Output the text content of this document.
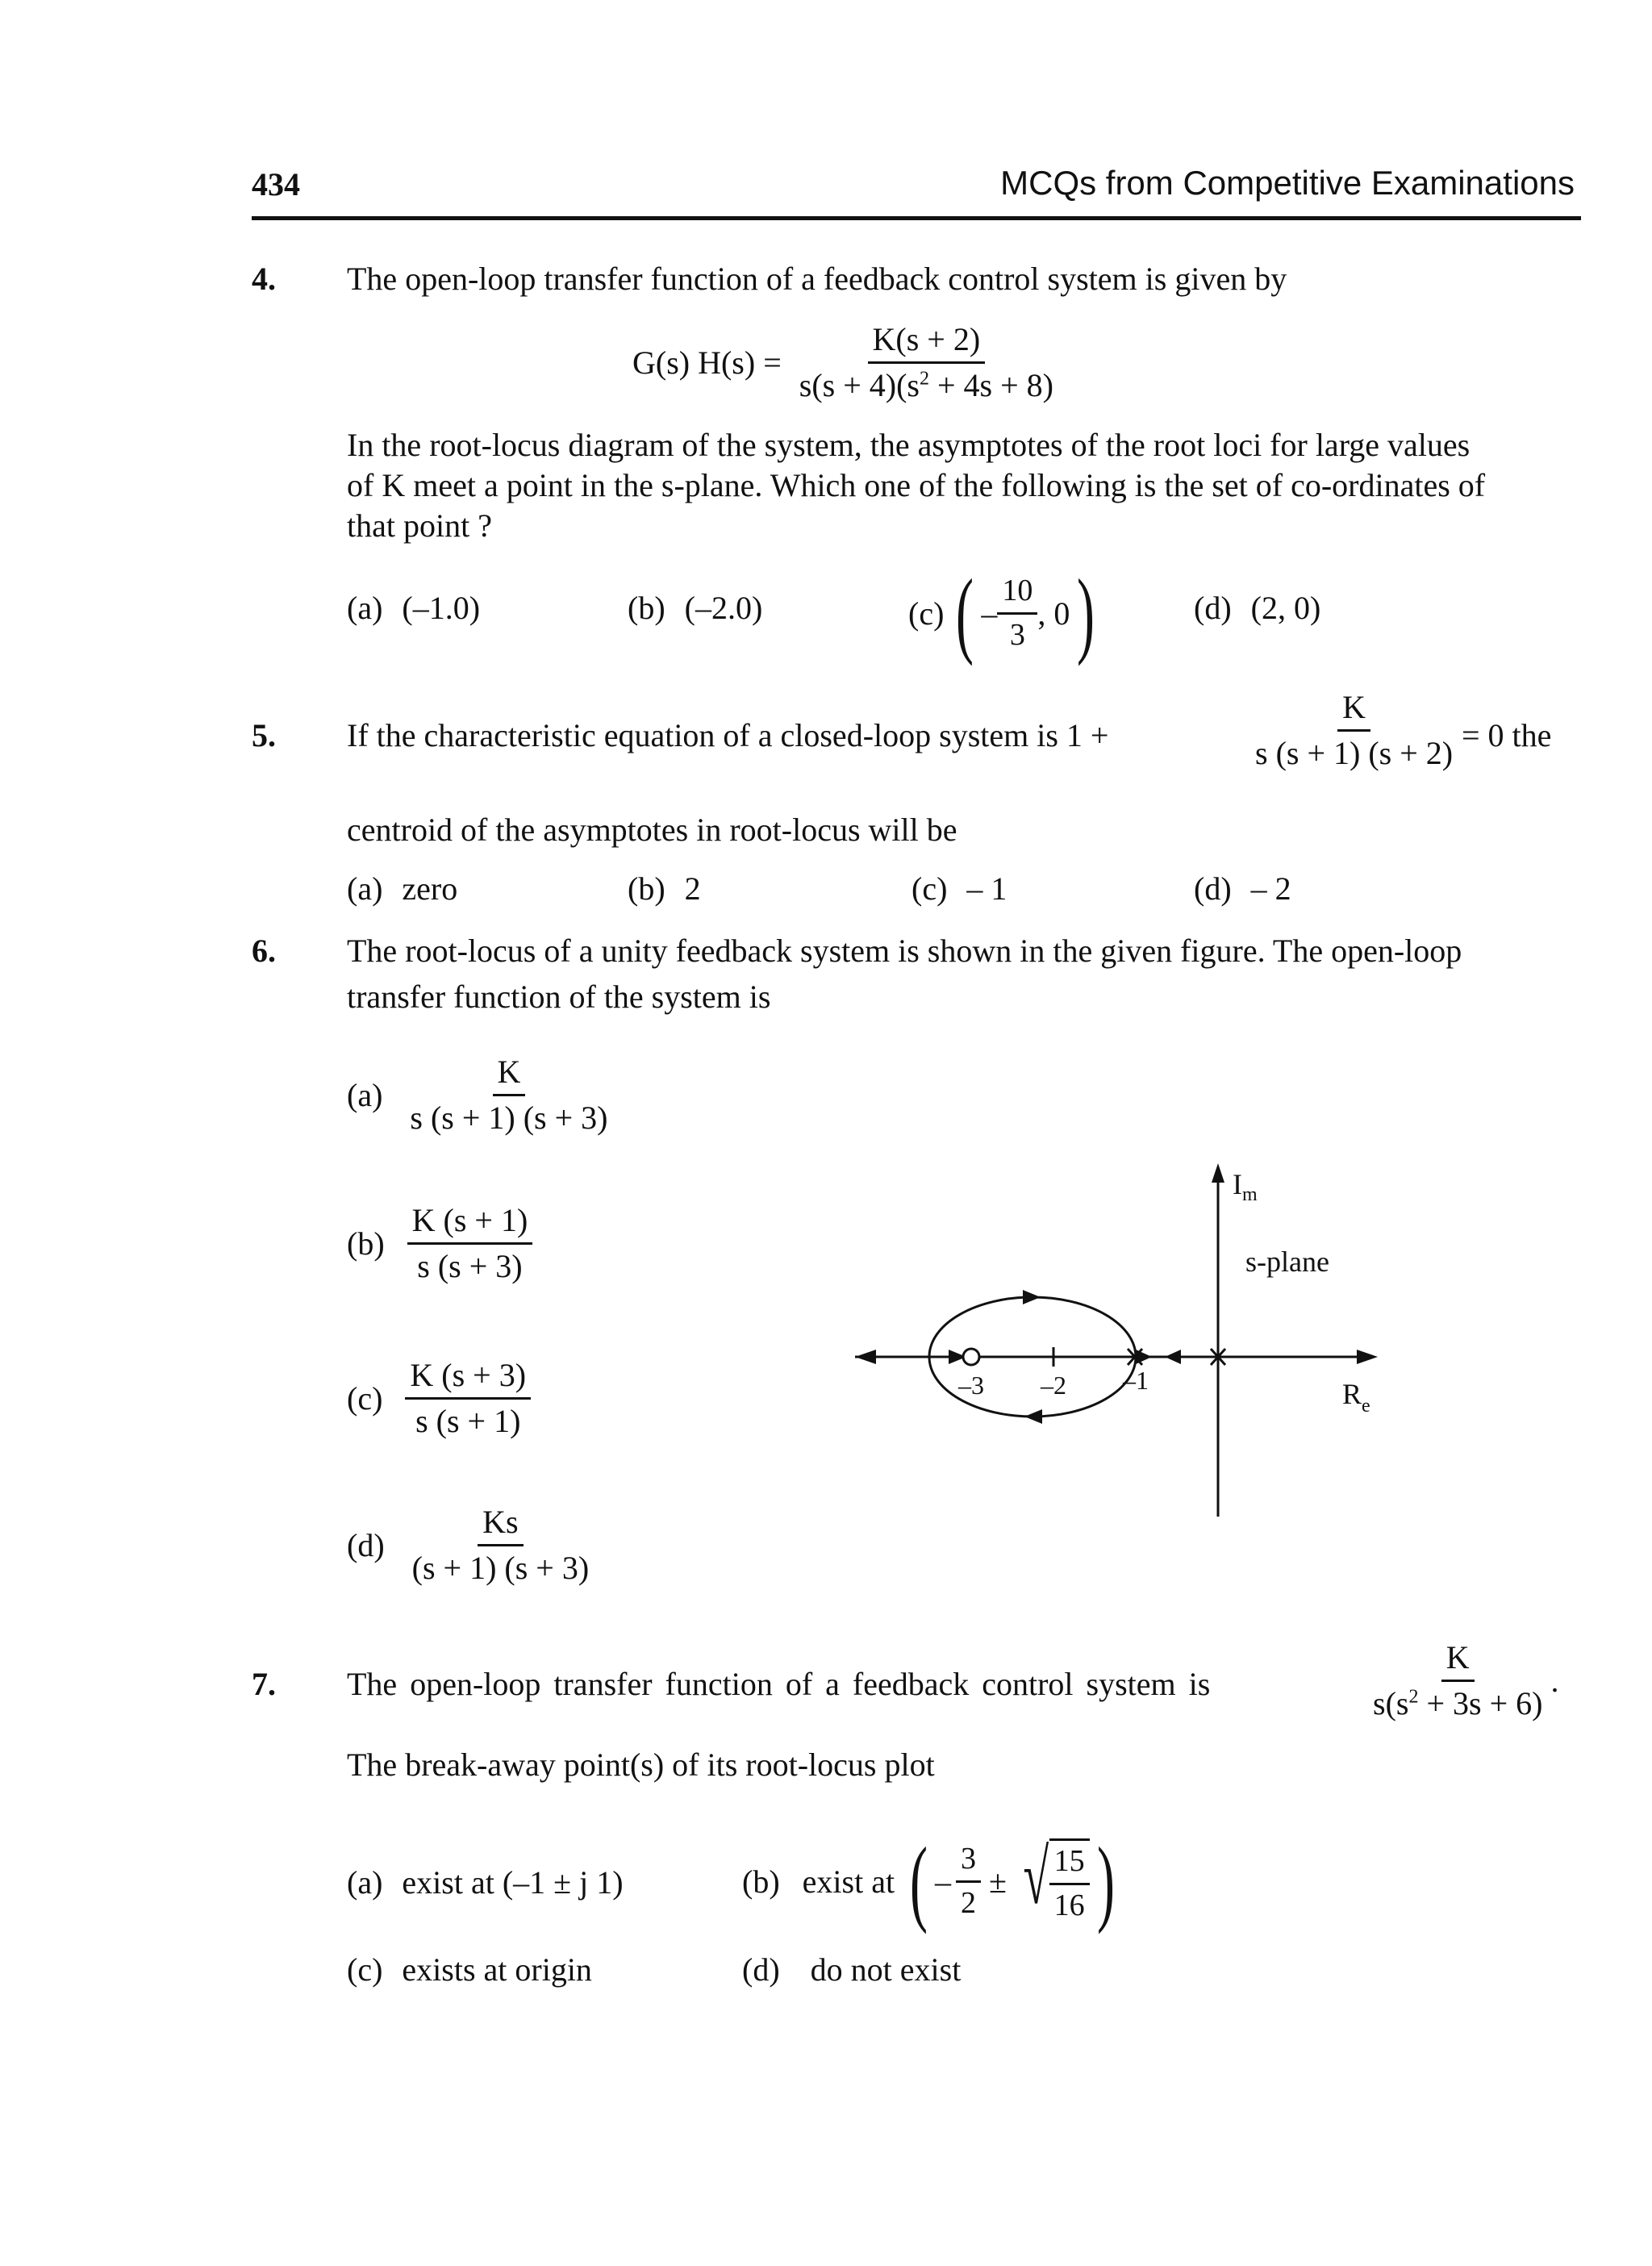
434	MCQs from Competitive Examinations
4. The open-loop transfer function of a feedback control system is given by
G(s) $H(s) = \frac{K(s + 2)}{s(s + 4)(s^2 + 4s + 8)}$
In the root-locus diagram of the system, the asymptotes of the root loci for large values
of K meet a point in the s-plane. Which one of the following is the set of co-ordinates of
that point ?
(a) (–1.0)	(b) (–2.0)	(c) ( – $\frac{10}{3}$ , 0 )	(d) (2, 0)
5. If the characteristic equation of a closed-loop system is 1 +	$\frac{K}{s (s + 1) (s + 2)} = 0$ the
centroid of the asymptotes in root-locus will be
(a) zero	(b) 2	(c) – 1	(d) – 2
6. The root-locus of a unity feedback system is shown in the given figure. The open-loop
transfer function of the system is
$(a) \frac{K}{s (s + 1) (s + 3)}$
$(b) \frac{K (s + 1)}{s (s + 3)}$
$(c) \frac{K (s + 3)}{s (s + 1)}$
$(d) \frac{Ks}{(s + 1) (s + 3)}$
–3 –2 –1
$I_m$
s-plane
$R_e$
7. The open-loop transfer function of a feedback control system is	$\frac{K}{s(s^2 + 3s + 6)}$ .
The break-away point(s) of its root-locus plot
(a) exist at (–1 ± j 1)	(b) exist at ( – $\frac{3}{2}$ ± √ $\frac{15}{16}$ )
(c) exists at origin	(d) do not exist
